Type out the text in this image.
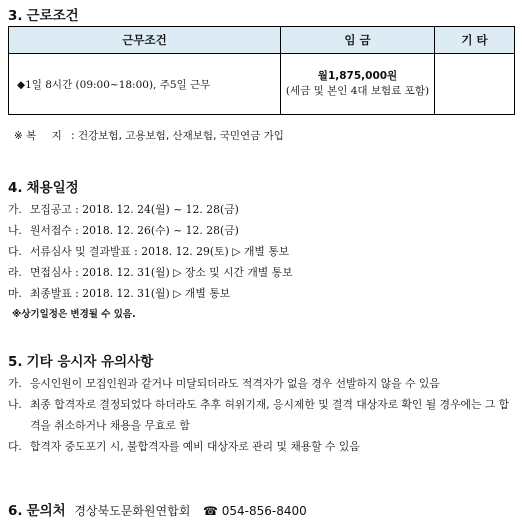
3. 근로조건
근무조건	임 금	기 타
◆1일 8시간 (09:00~18:00), 주5일 근무	월1,875,000원
(세금 및 본인 4대 보험료 포함)	

※ 복 지 : 건강보험, 고용보험, 산재보험, 국민연금 가입
4. 채용일정
가. 모집공고 : 2018. 12. 24(월) ~ 12. 28(금)
나. 원서접수 : 2018. 12. 26(수) ~ 12. 28(금)
다. 서류심사 및 결과발표 : 2018. 12. 29(토) ▷ 개별 통보
라. 면접심사 : 2018. 12. 31(월) ▷ 장소 및 시간 개별 통보
마. 최종발표 : 2018. 12. 31(월) ▷ 개별 통보
※상기일정은 변경될 수 있음.
5. 기타 응시자 유의사항
가. 응시인원이 모집인원과 같거나 미달되더라도 적격자가 없을 경우 선발하지 않을 수 있음
나. 최종 합격자로 결정되었다 하더라도 추후 허위기재, 응시제한 및 결격 대상자로 확인 될 경우에는 그 합격을 취소하거나 채용을 무효로 함
다. 합격자 중도포기 시, 불합격자를 예비 대상자로 관리 및 채용할 수 있음
6. 문의처 경상북도문화원연합회 ☎ 054-856-8400
